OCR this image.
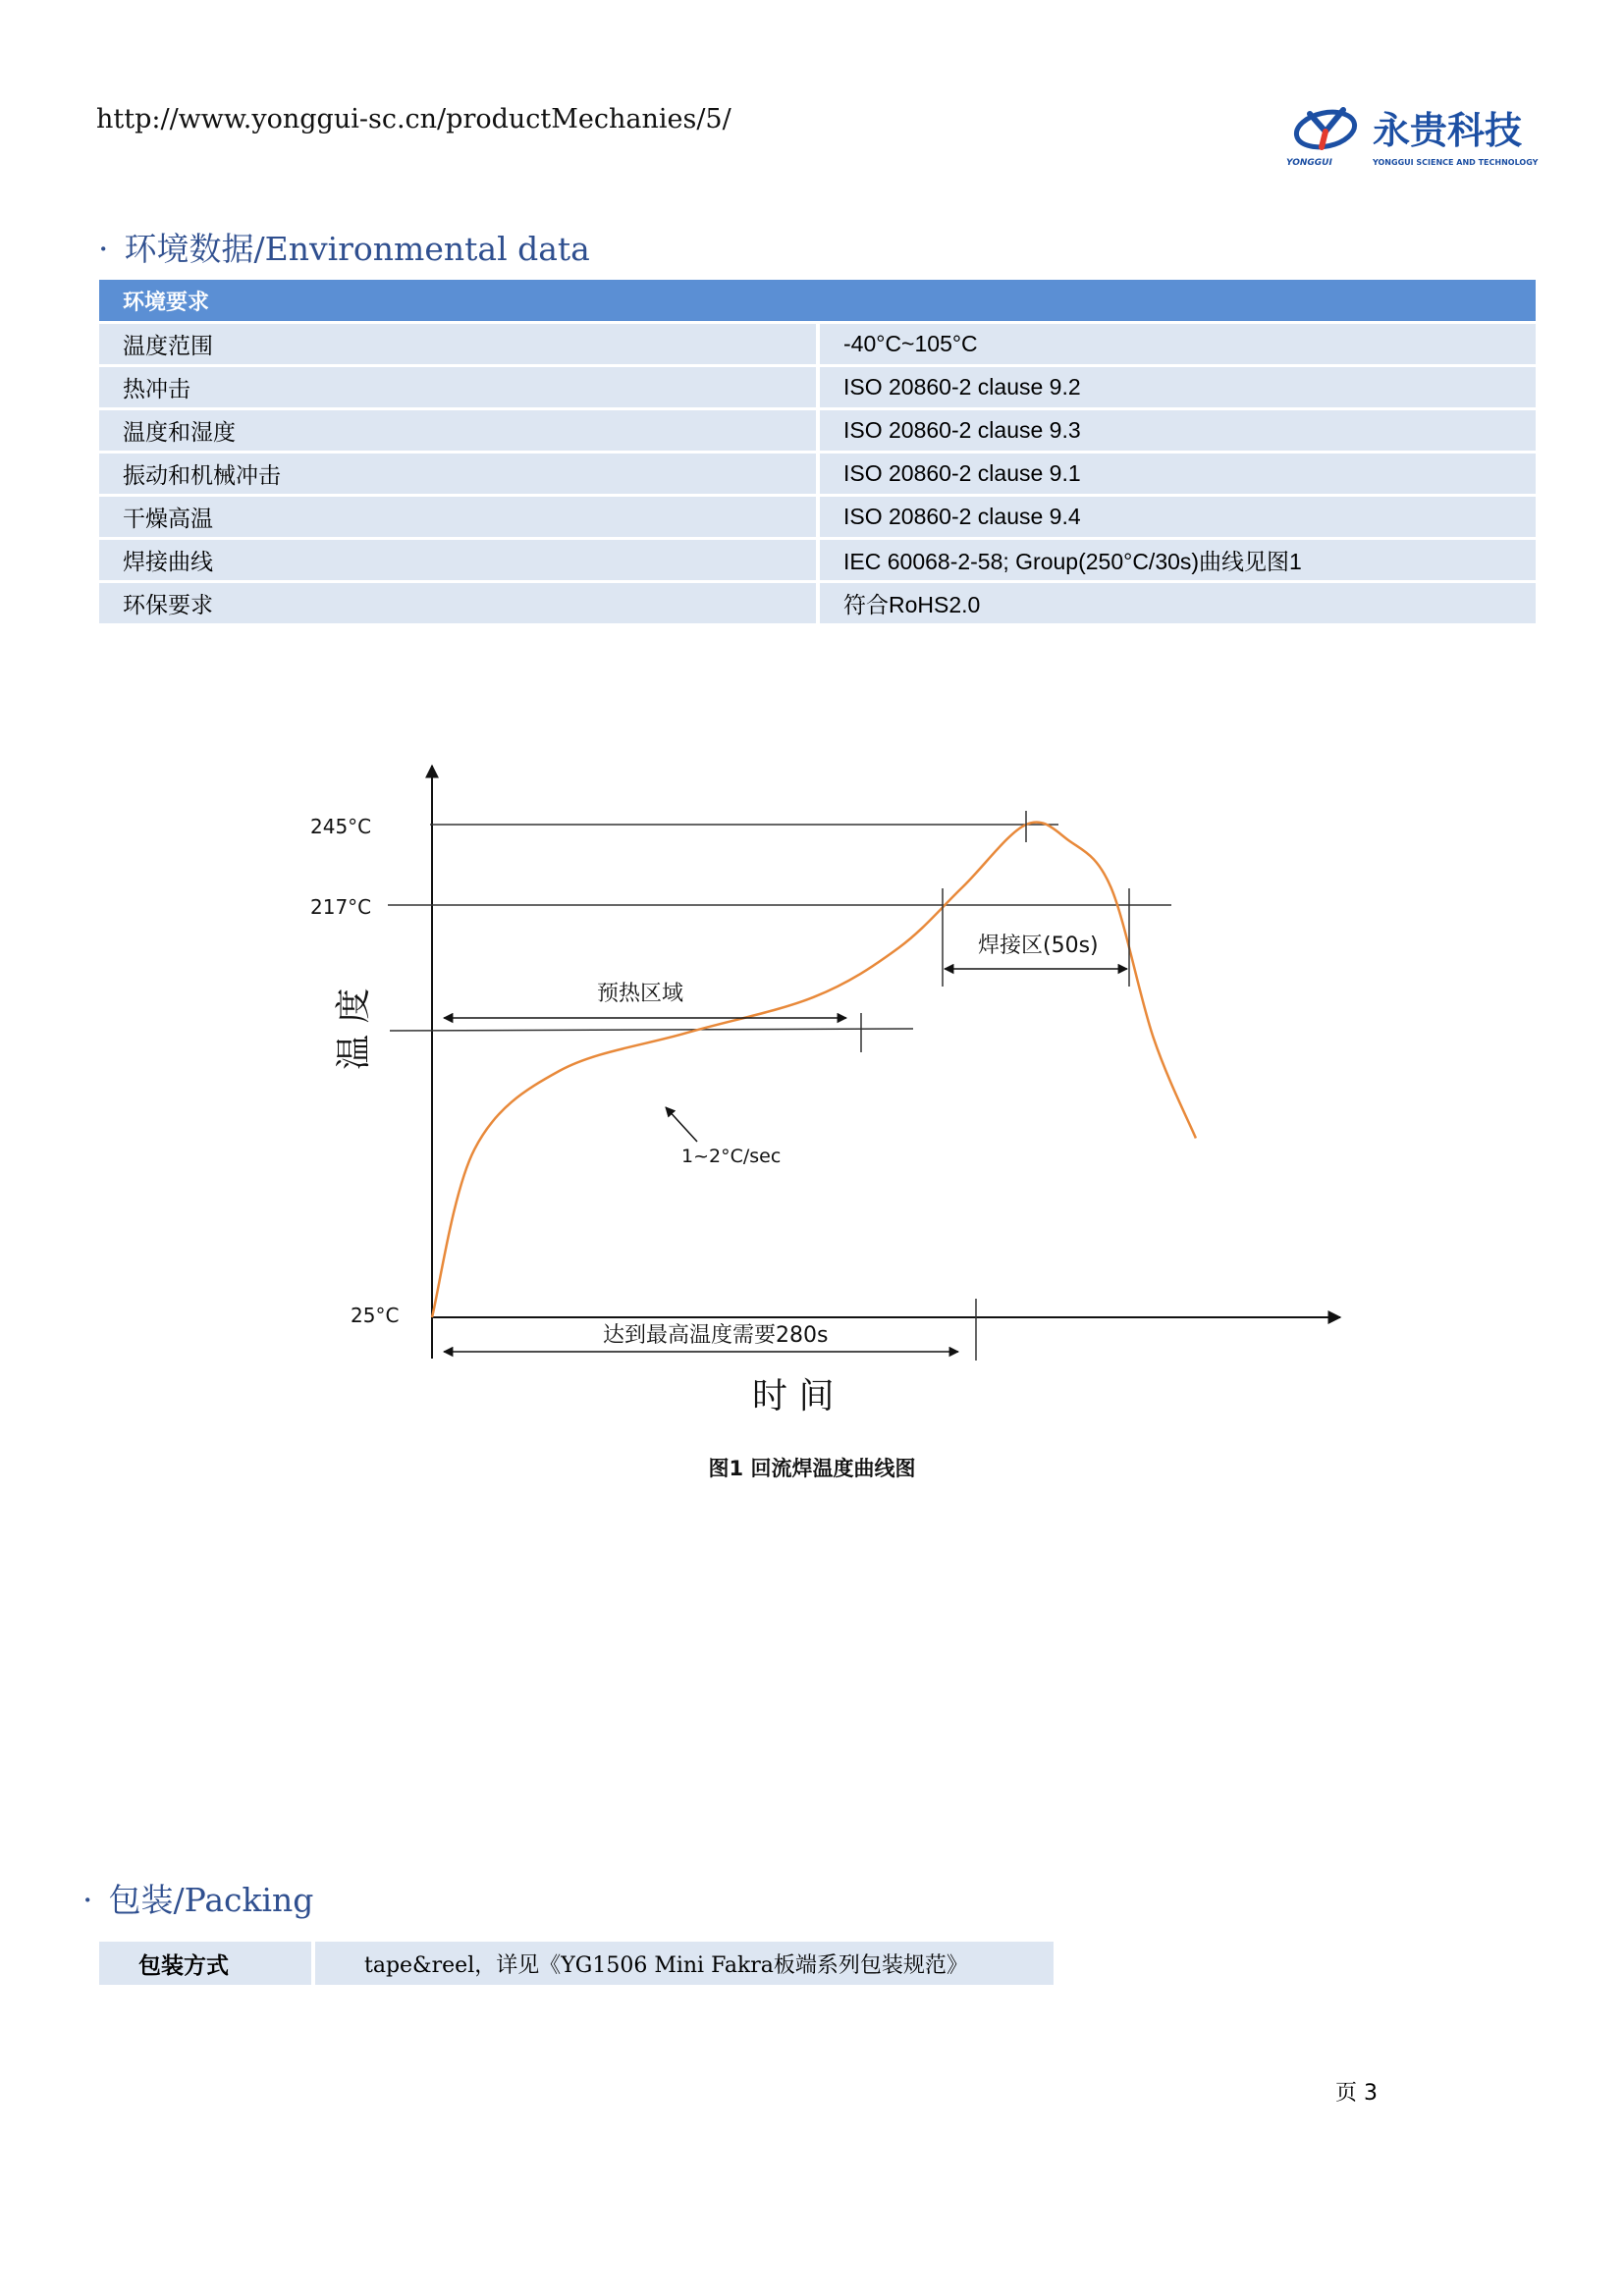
http://www.yonggui-sc.cn/productMechanies/5/	永贵科技
YONGGUI	YONGGUI SCIENCE AND TECHNOLOGY
· 环境数据/Environmental data
环境要求	
温度范围	-40°C~105°C
热冲击	ISO 20860-2 clause 9.2
温度和湿度	ISO 20860-2 clause 9.3
振动和机械冲击	ISO 20860-2 clause 9.1
干燥高温	ISO 20860-2 clause 9.4
焊接曲线	IEC 60068-2-58; Group(250°C/30s)曲线见图1
环保要求	符合RoHS2.0
245°C
217°C
25°C
焊接区(50s)
预热区域
1~2°C/sec
达到最高温度需要280s
时 间
温 度
图1 回流焊温度曲线图
· 包装/Packing
包装方式	tape&reel，详见《YG1506 Mini Fakra板端系列包装规范》
页 3
